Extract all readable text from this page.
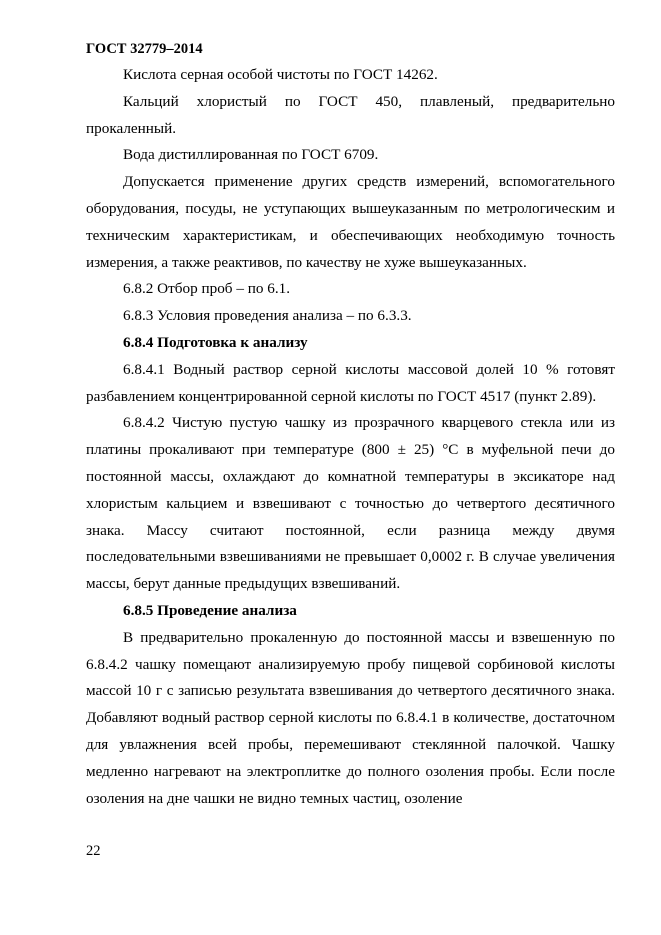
ГОСТ 32779–2014

Кислота серная особой чистоты по ГОСТ 14262.

Кальций хлористый по ГОСТ 450, плавленый, предварительно прокаленный.

Вода дистиллированная по ГОСТ 6709.

Допускается применение других средств измерений, вспомогательного оборудования, посуды, не уступающих вышеуказанным по метрологическим и техническим характеристикам, и обеспечивающих необходимую точность измерения, а также реактивов, по качеству не хуже вышеуказанных.

6.8.2 Отбор проб – по 6.1.

6.8.3 Условия проведения анализа – по 6.3.3.

6.8.4 Подготовка к анализу

6.8.4.1 Водный раствор серной кислоты массовой долей 10 % готовят разбавлением концентрированной серной кислоты по ГОСТ 4517 (пункт 2.89).

6.8.4.2 Чистую пустую чашку из прозрачного кварцевого стекла или из платины прокаливают при температуре (800 ± 25) °С в муфельной печи до постоянной массы, охлаждают до комнатной температуры в эксикаторе над хлористым кальцием и взвешивают с точностью до четвертого десятичного знака. Массу считают постоянной, если разница между двумя последовательными взвешиваниями не превышает 0,0002 г. В случае увеличения массы, берут данные предыдущих взвешиваний.

6.8.5 Проведение анализа

В предварительно прокаленную до постоянной массы и взвешенную по 6.8.4.2 чашку помещают анализируемую пробу пищевой сорбиновой кислоты массой 10 г с записью результата взвешивания до четвертого десятичного знака. Добавляют водный раствор серной кислоты по 6.8.4.1 в количестве, достаточном для увлажнения всей пробы, перемешивают стеклянной палочкой. Чашку медленно нагревают на электроплитке до полного озоления пробы. Если после озоления на дне чашки не видно темных частиц, озоление

22
